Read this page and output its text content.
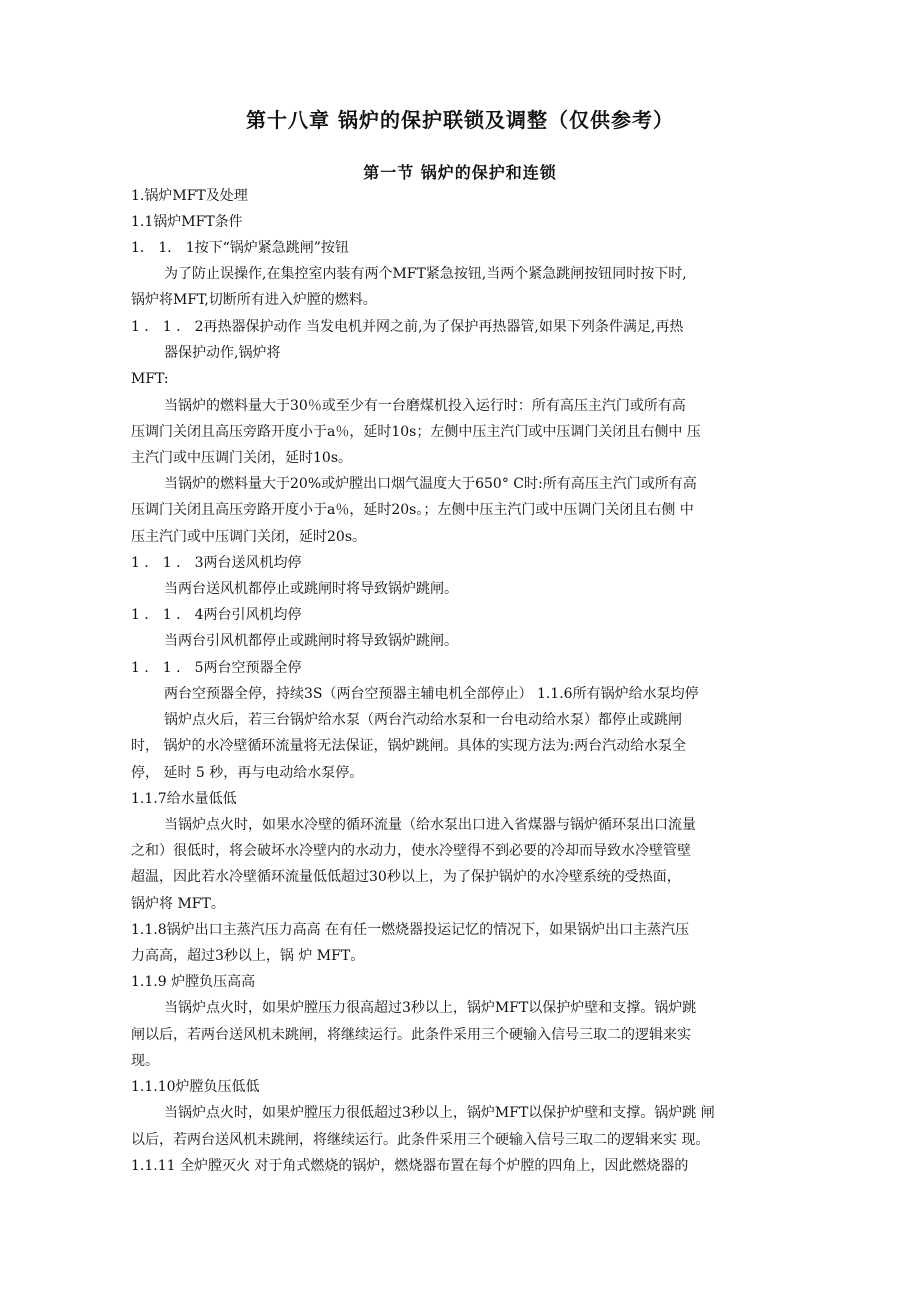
第十八章 锅炉的保护联锁及调整（仅供参考）
第一节 锅炉的保护和连锁
1.锅炉MFT及处理
1.1锅炉MFT条件
1． 1． 1按下“锅炉紧急跳闸”按钮
为了防止误操作,在集控室内装有两个MFT紧急按钮,当两个紧急跳闸按钮同时按下时,
锅炉将MFT,切断所有进入炉膛的燃料。
1 ． 1 ． 2再热器保护动作 当发电机并网之前,为了保护再热器管,如果下列条件满足,再热
器保护动作,锅炉将
MFT:
当锅炉的燃料量大于30％或至少有一台磨煤机投入运行时：所有高压主汽门或所有高
压调门关闭且高压旁路开度小于a％，延时10s；左侧中压主汽门或中压调门关闭且右侧中 压
主汽门或中压调门关闭，延时10s。
当锅炉的燃料量大于20%或炉膛出口烟气温度大于650° C时:所有高压主汽门或所有高
压调门关闭且高压旁路开度小于a％，延时20s。；左侧中压主汽门或中压调门关闭且右侧 中
压主汽门或中压调门关闭，延时20s。
1 ． 1 ． 3两台送风机均停
当两台送风机都停止或跳闸时将导致锅炉跳闸。
1 ． 1 ． 4两台引风机均停
当两台引风机都停止或跳闸时将导致锅炉跳闸。
1 ． 1 ． 5两台空预器全停
两台空预器全停，持续3S（两台空预器主辅电机全部停止） 1.1.6所有锅炉给水泵均停
锅炉点火后，若三台锅炉给水泵（两台汽动给水泵和一台电动给水泵）都停止或跳闸
时， 锅炉的水冷壁循环流量将无法保证，锅炉跳闸。具体的实现方法为:两台汽动给水泵全
停， 延时 5 秒，再与电动给水泵停。
1.1.7给水量低低
当锅炉点火时，如果水冷壁的循环流量（给水泵出口进入省煤器与锅炉循环泵出口流量
之和）很低时，将会破坏水冷壁内的水动力，使水冷壁得不到必要的冷却而导致水冷壁管壁
超温，因此若水冷壁循环流量低低超过30秒以上，为了保护锅炉的水冷壁系统的受热面，
锅炉将 MFT。
1.1.8锅炉出口主蒸汽压力高高 在有任一燃烧器投运记忆的情况下，如果锅炉出口主蒸汽压
力高高，超过3秒以上，锅 炉 MFT。
1.1.9 炉膛负压高高
当锅炉点火时，如果炉膛压力很高超过3秒以上，锅炉MFT以保护炉壁和支撑。锅炉跳
闸以后，若两台送风机未跳闸，将继续运行。此条件采用三个硬输入信号三取二的逻辑来实
现。
1.1.10炉膛负压低低
当锅炉点火时，如果炉膛压力很低超过3秒以上，锅炉MFT以保护炉壁和支撑。锅炉跳 闸
以后，若两台送风机未跳闸，将继续运行。此条件采用三个硬输入信号三取二的逻辑来实 现。
1.1.11 全炉膛灭火 对于角式燃烧的锅炉，燃烧器布置在每个炉膛的四角上，因此燃烧器的
